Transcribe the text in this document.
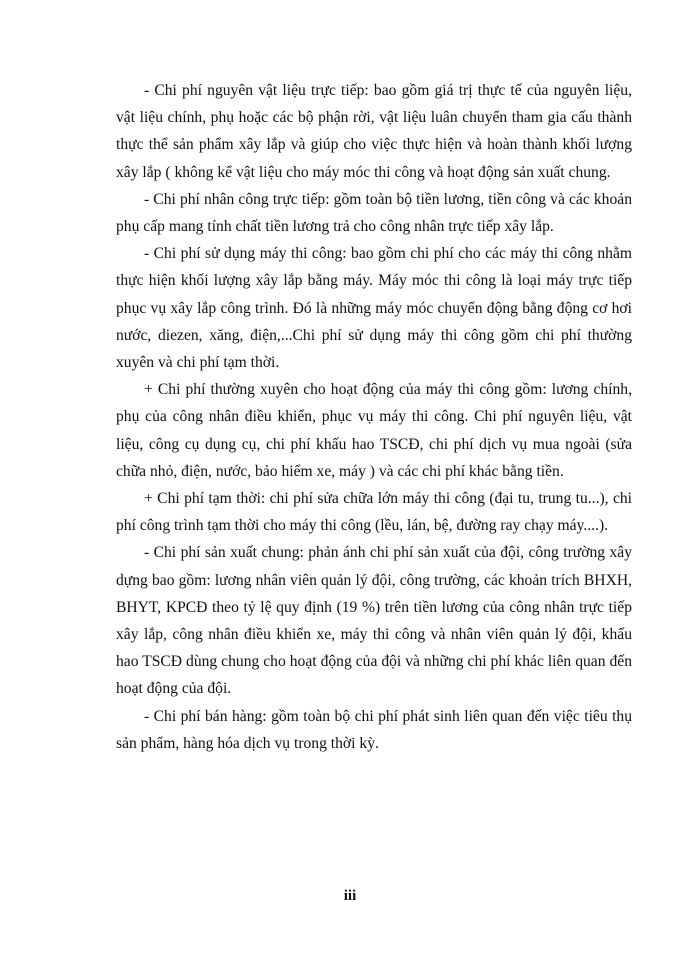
- Chi phí nguyên vật liệu trực tiếp: bao gồm giá trị thực tế của nguyên liệu, vật liệu chính, phụ hoặc các bộ phận rời, vật liệu luân chuyển tham gia cấu thành thực thể sản phẩm xây lắp và giúp cho việc thực hiện và hoàn thành khối lượng xây lắp ( không kể vật liệu cho máy móc thi công và hoạt động sản xuất chung.

- Chi phí nhân công trực tiếp: gồm toàn bộ tiền lương, tiền công và các khoản phụ cấp mang tính chất tiền lương trả cho công nhân trực tiếp xây lắp.

- Chi phí sử dụng máy thi công: bao gồm chi phí cho các máy thi công nhằm thực hiện khối lượng xây lắp bằng máy. Máy móc thi công là loại máy trực tiếp phục vụ xây lắp công trình. Đó là những máy móc chuyển động bằng động cơ hơi nước, diezen, xăng, điện,...Chi phí sử dụng máy thi công gồm chi phí thường xuyên và chi phí tạm thời.

+ Chi phí thường xuyên cho hoạt động của máy thi công gồm: lương chính, phụ của công nhân điều khiển, phục vụ máy thi công. Chi phí nguyên liệu, vật liệu, công cụ dụng cụ, chi phí khấu hao TSCĐ, chi phí dịch vụ mua ngoài (sửa chữa nhỏ, điện, nước, bảo hiểm xe, máy ) và các chi phí khác bằng tiền.

+ Chi phí tạm thời: chi phí sửa chữa lớn máy thi công (đại tu, trung tu...), chi phí công trình tạm thời cho máy thi công (lều, lán, bệ, đường ray chạy máy....).

- Chi phí sản xuất chung: phản ánh chi phí sản xuất của đội, công trường xây dựng bao gồm: lương nhân viên quản lý đội, công trường, các khoản trích BHXH, BHYT, KPCĐ theo tỷ lệ quy định (19 %) trên tiền lương của công nhân trực tiếp xây lắp, công nhân điều khiển xe, máy thi công và nhân viên quản lý đội, khấu hao TSCĐ dùng chung cho hoạt động của đội và những chi phí khác liên quan đến hoạt động của đội.

- Chi phí bán hàng: gồm toàn bộ chi phí phát sinh liên quan đến việc tiêu thụ sản phẩm, hàng hóa dịch vụ trong thời kỳ.

iii
